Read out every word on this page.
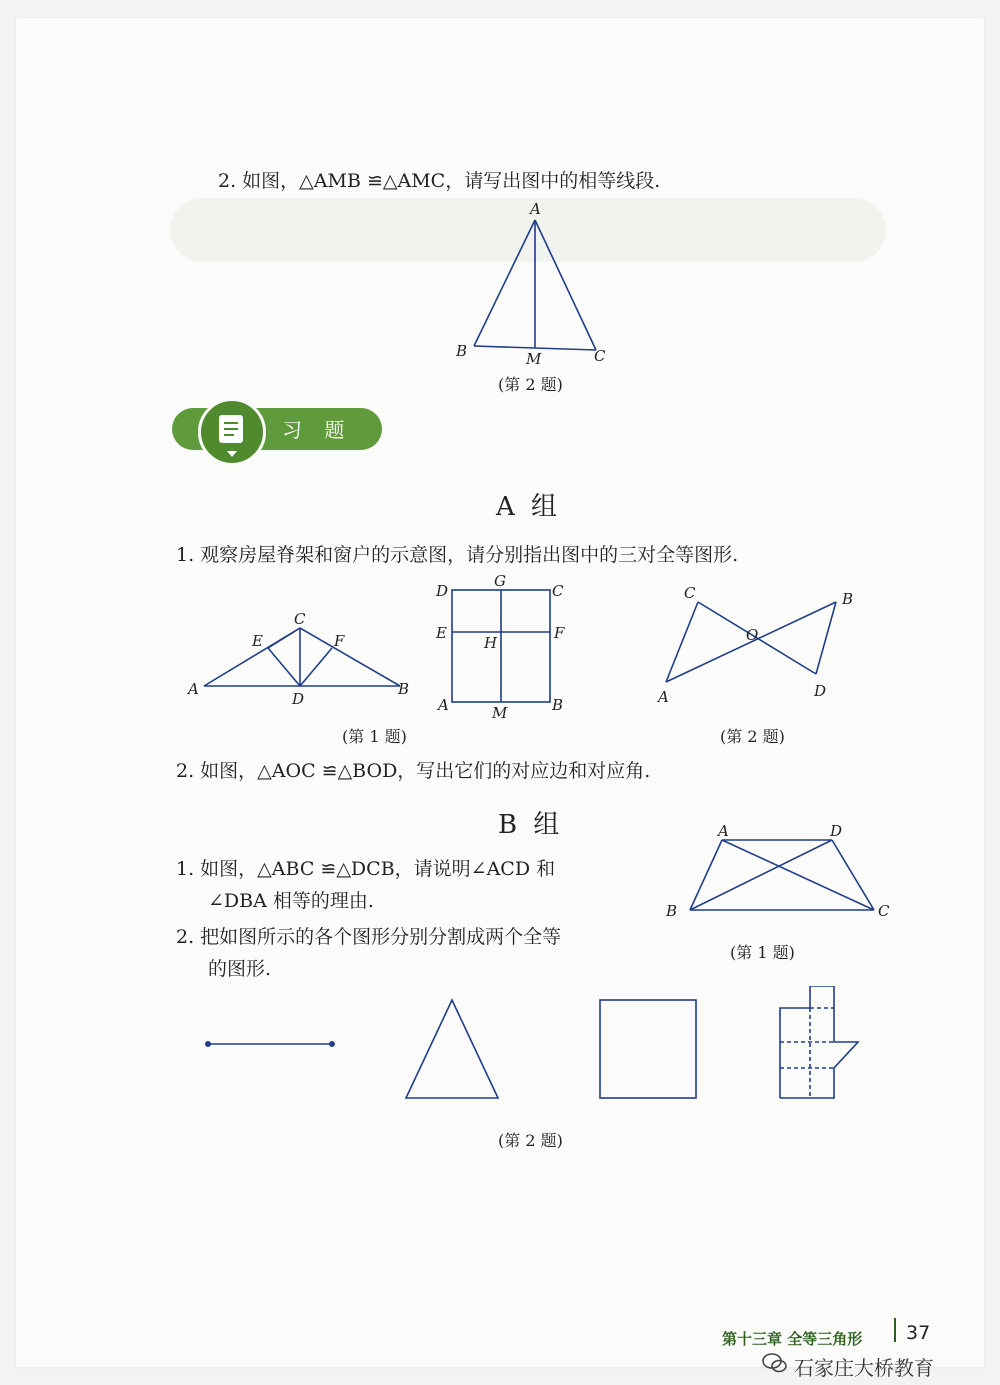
2. 如图，△AMB ≌△AMC，请写出图中的相等线段.
A
B	M	C
(第 2 题)
习 题
A 组
1. 观察房屋脊架和窗户的示意图，请分别指出图中的三对全等图形.
A	B
C
D
E	F
D
G
C
E
H
F
A	M	B
(第 1 题)
A
C
O
B
D
(第 2 题)
2. 如图，△AOC ≌△BOD，写出它们的对应边和对应角.
B 组
1. 如图，△ABC ≌△DCB，请说明∠ACD 和
∠DBA 相等的理由.
A	D
B	C
(第 1 题)
2. 把如图所示的各个图形分别分割成两个全等
的图形.
(第 2 题)
第十三章 全等三角形 37
石家庄大桥教育
